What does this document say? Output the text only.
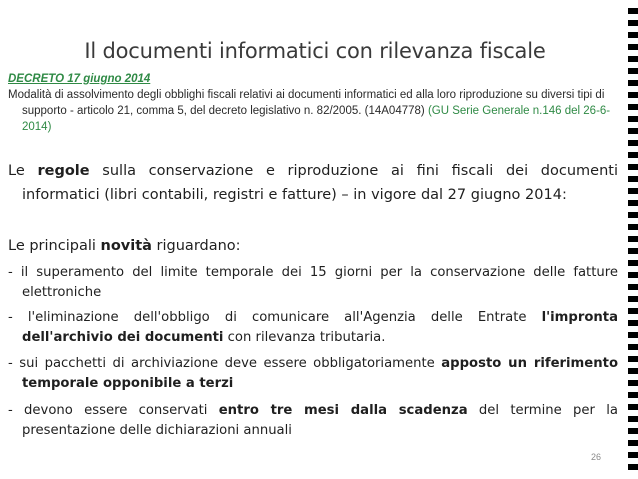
Il documenti informatici con rilevanza fiscale
DECRETO 17 giugno 2014
Modalità di assolvimento degli obblighi fiscali relativi ai documenti informatici ed alla loro riproduzione su diversi tipi di supporto - articolo 21, comma 5, del decreto legislativo n. 82/2005. (14A04778) (GU Serie Generale n.146 del 26-6-2014)
Le regole sulla conservazione e riproduzione ai fini fiscali dei documenti informatici (libri contabili, registri e fatture) – in vigore dal 27 giugno 2014:
Le principali novità riguardano:
- il superamento del limite temporale dei 15 giorni per la conservazione delle fatture elettroniche
- l'eliminazione dell'obbligo di comunicare all'Agenzia delle Entrate l'impronta dell'archivio dei documenti con rilevanza tributaria.
- sui pacchetti di archiviazione deve essere obbligatoriamente apposto un riferimento temporale opponibile a terzi
- devono essere conservati entro tre mesi dalla scadenza del termine per la presentazione delle dichiarazioni annuali
26
